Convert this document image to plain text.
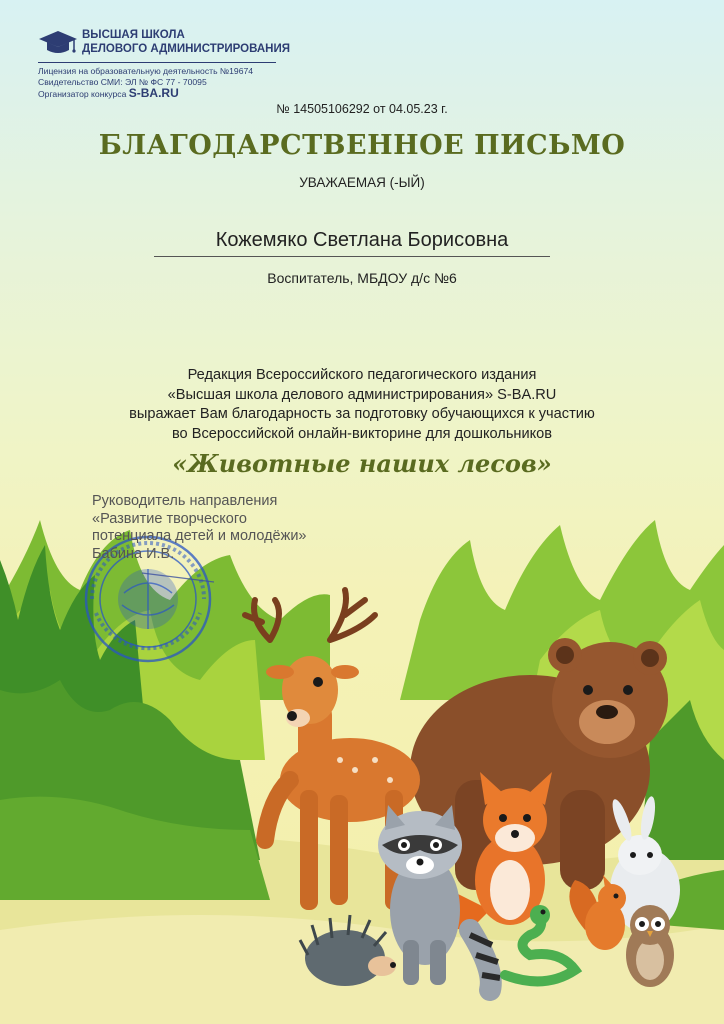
ВЫСШАЯ ШКОЛА
ДЕЛОВОГО АДМИНИСТРИРОВАНИЯ
Лицензия на образовательную деятельность №19674
Свидетельство СМИ: ЭЛ № ФС 77 - 70095
Организатор конкурса S-BA.RU
№ 14505106292 от 04.05.23 г.
БЛАГОДАРСТВЕННОЕ ПИСЬМО
УВАЖАЕМАЯ (-ЫЙ)
Кожемяко Светлана Борисовна
Воспитатель, МБДОУ д/с №6
Редакция Всероссийского педагогического издания
«Высшая школа делового администрирования» S-BA.RU
выражает Вам благодарность за подготовку обучающихся к участию
во Всероссийской онлайн-викторине для дошкольников
«Животные наших лесов»
Руководитель направления
«Развитие творческого
потенциала детей и молодёжи»
Бабина И.В.
